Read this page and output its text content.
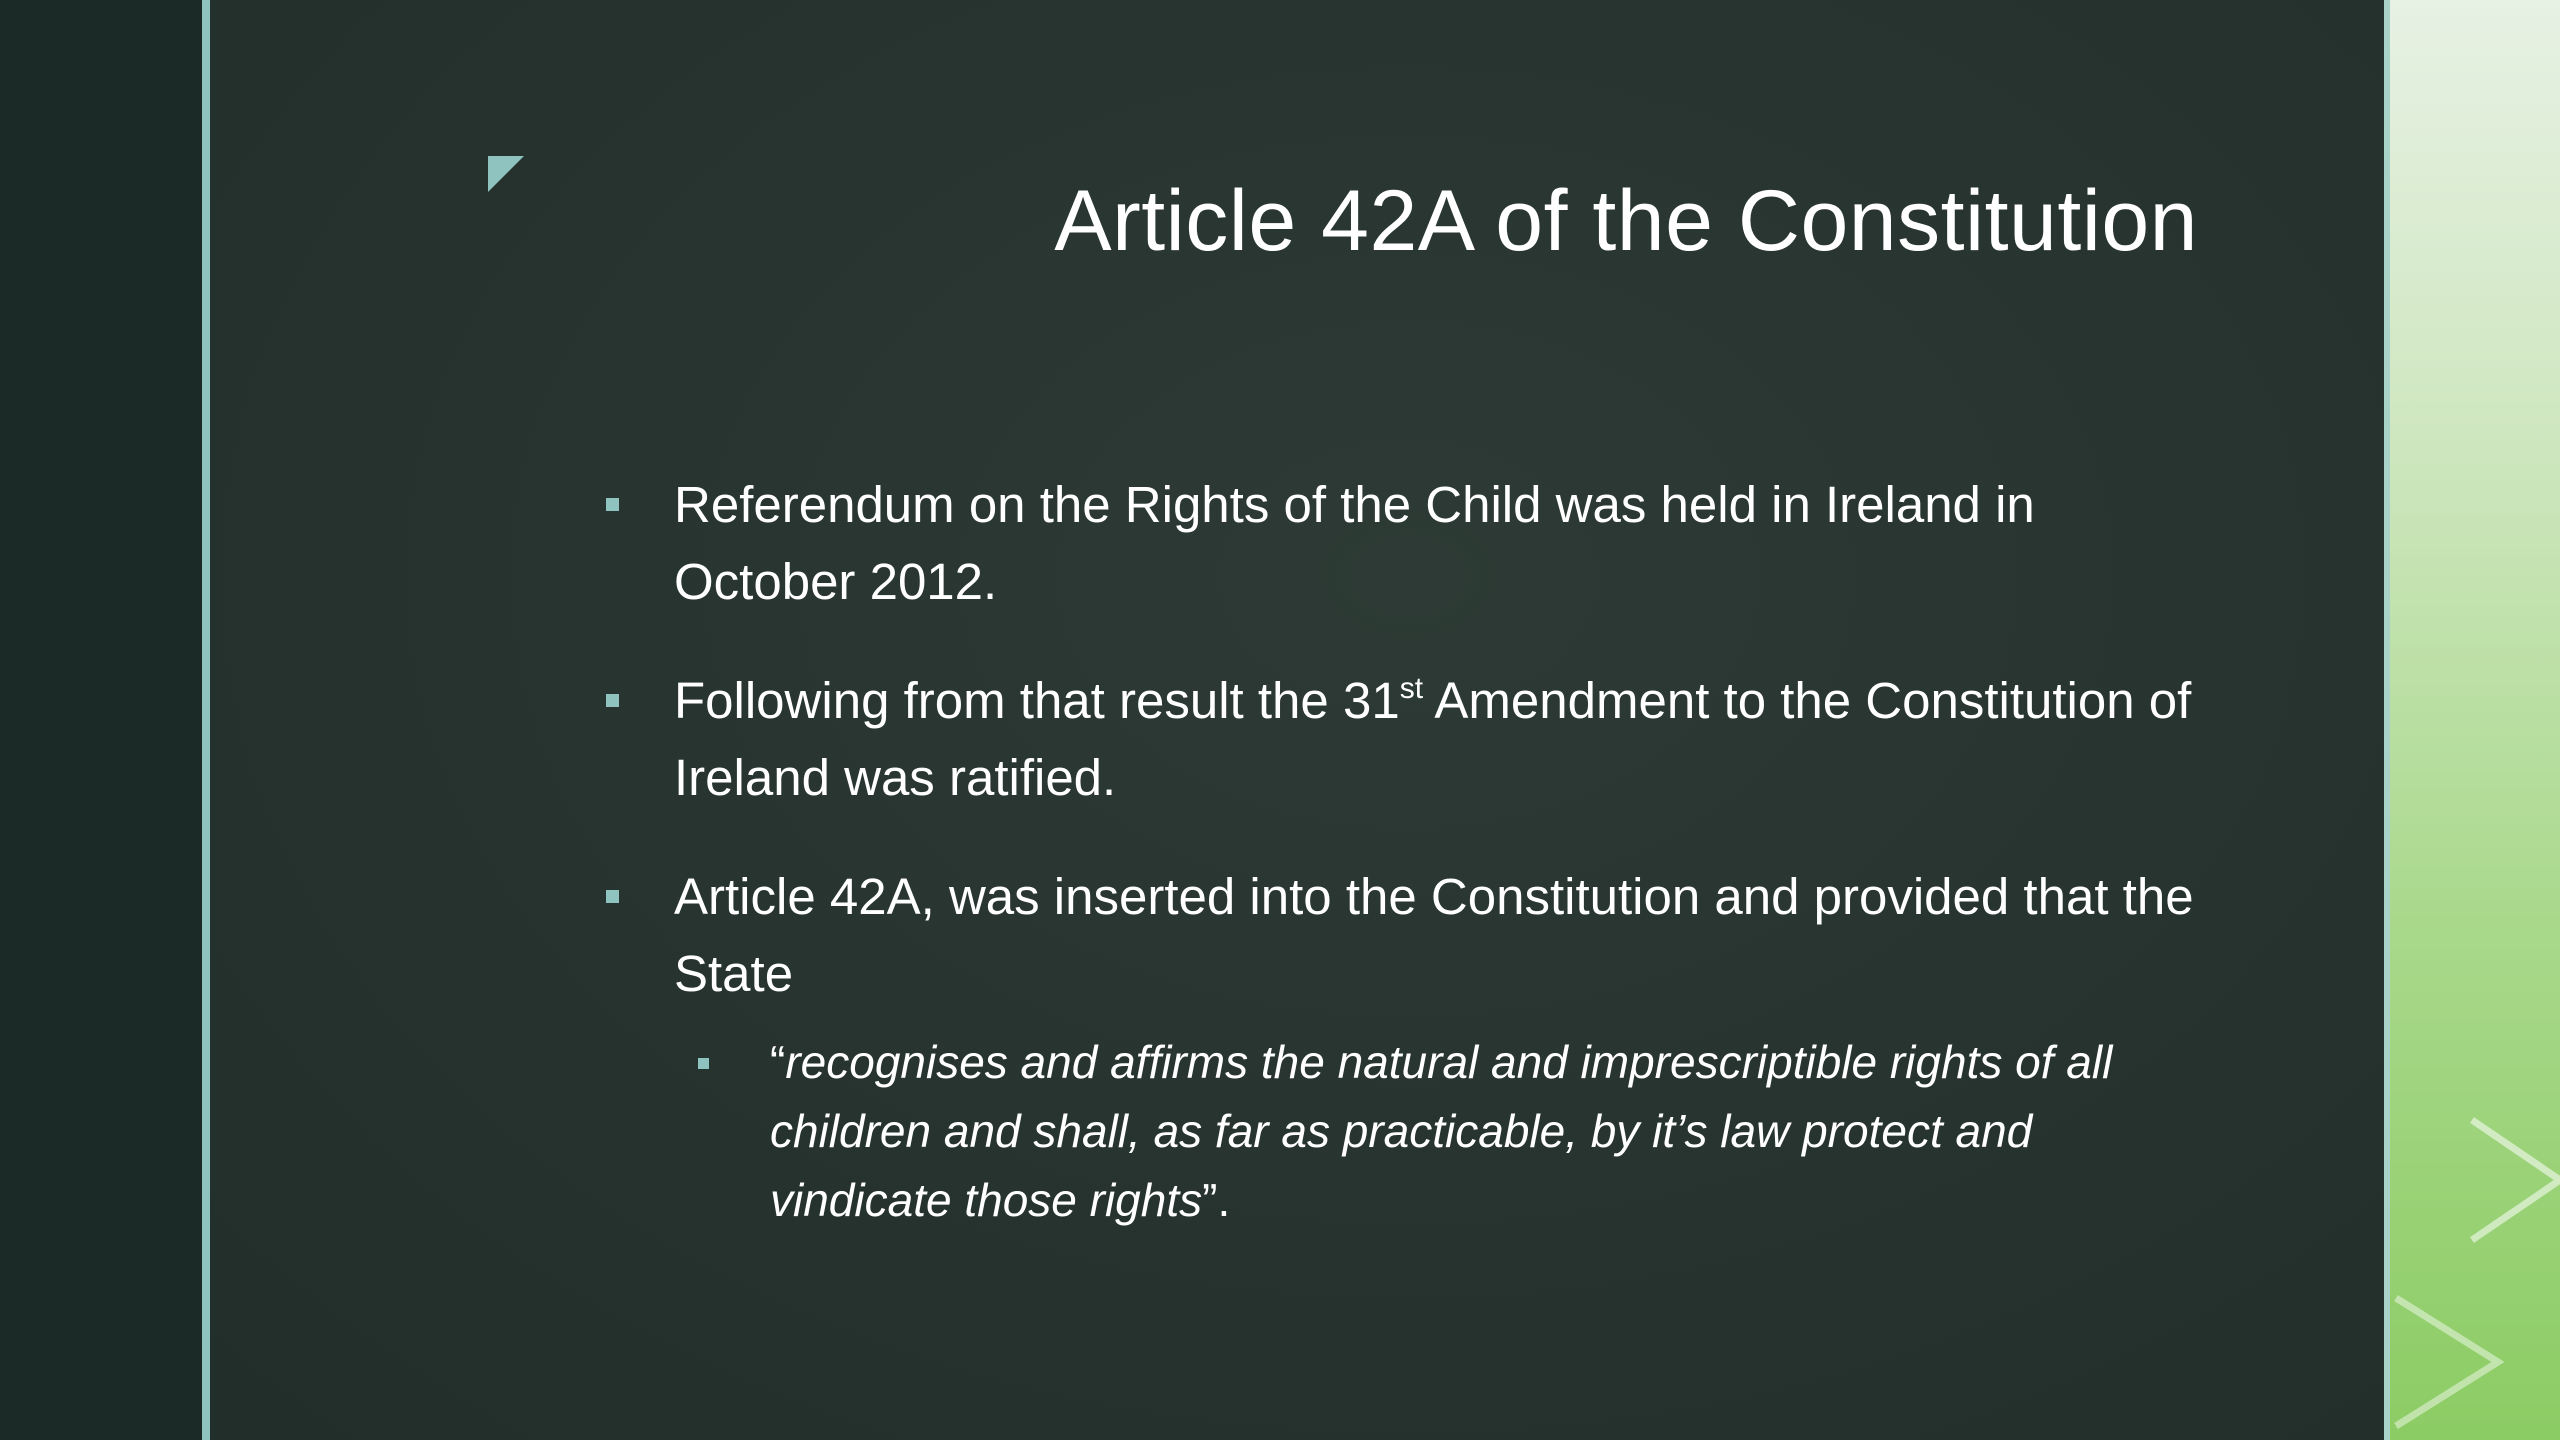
Article 42A of the Constitution
Referendum on the Rights of the Child was held in Ireland in October 2012.
Following from that result the 31st Amendment to the Constitution of Ireland was ratified.
Article 42A, was inserted into the Constitution and provided that the State
“recognises and affirms the natural and imprescriptible rights of all children and shall, as far as practicable, by it’s law protect and vindicate those rights”.
